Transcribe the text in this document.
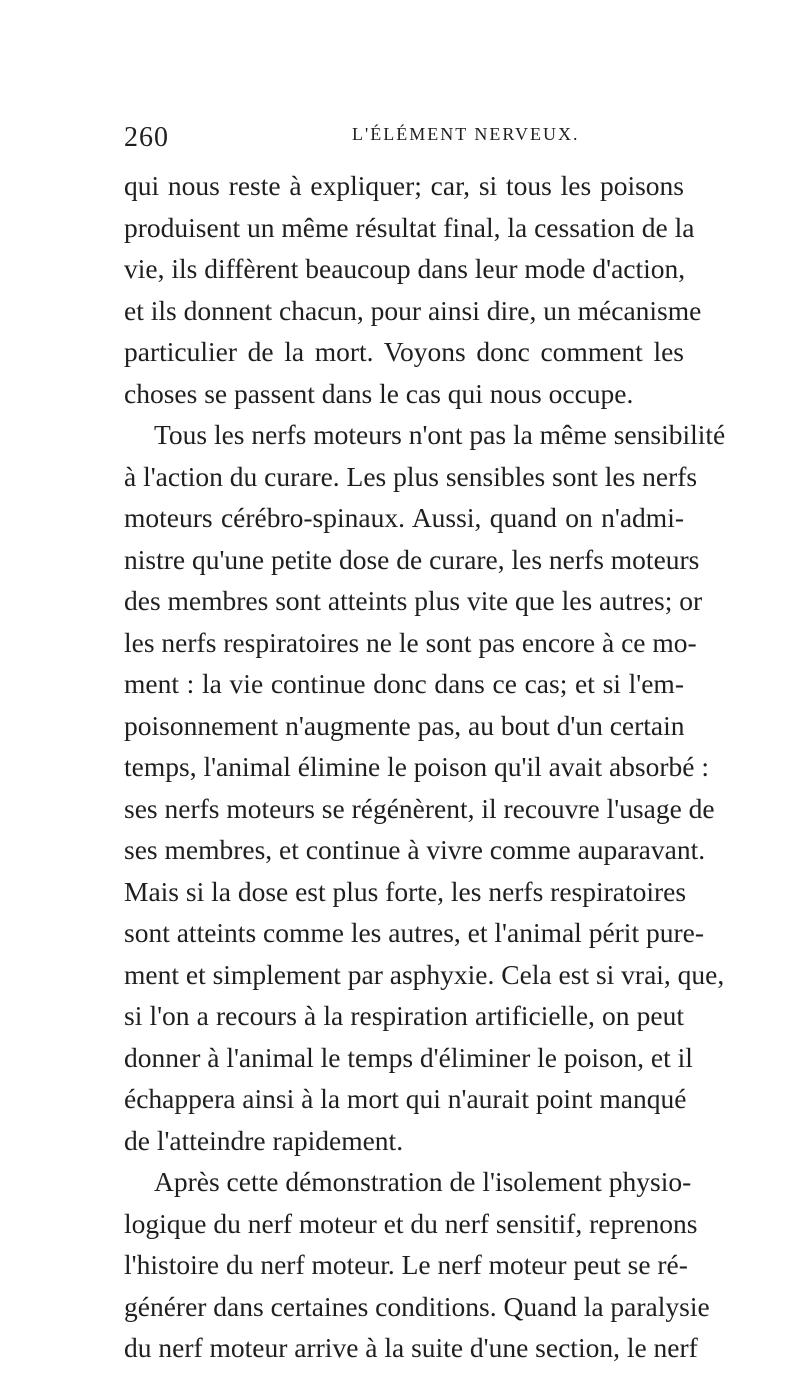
260	L'ÉLÉMENT NERVEUX.
qui nous reste à expliquer; car, si tous les poisons
produisent un même résultat final, la cessation de la
vie, ils diffèrent beaucoup dans leur mode d'action,
et ils donnent chacun, pour ainsi dire, un mécanisme
particulier de la mort. Voyons donc comment les
choses se passent dans le cas qui nous occupe.
Tous les nerfs moteurs n'ont pas la même sensibilité
à l'action du curare. Les plus sensibles sont les nerfs
moteurs cérébro-spinaux. Aussi, quand on n'admi-
nistre qu'une petite dose de curare, les nerfs moteurs
des membres sont atteints plus vite que les autres; or
les nerfs respiratoires ne le sont pas encore à ce mo-
ment : la vie continue donc dans ce cas; et si l'em-
poisonnement n'augmente pas, au bout d'un certain
temps, l'animal élimine le poison qu'il avait absorbé :
ses nerfs moteurs se régénèrent, il recouvre l'usage de
ses membres, et continue à vivre comme auparavant.
Mais si la dose est plus forte, les nerfs respiratoires
sont atteints comme les autres, et l'animal périt pure-
ment et simplement par asphyxie. Cela est si vrai, que,
si l'on a recours à la respiration artificielle, on peut
donner à l'animal le temps d'éliminer le poison, et il
échappera ainsi à la mort qui n'aurait point manqué
de l'atteindre rapidement.
Après cette démonstration de l'isolement physio-
logique du nerf moteur et du nerf sensitif, reprenons
l'histoire du nerf moteur. Le nerf moteur peut se ré-
générer dans certaines conditions. Quand la paralysie
du nerf moteur arrive à la suite d'une section, le nerf
